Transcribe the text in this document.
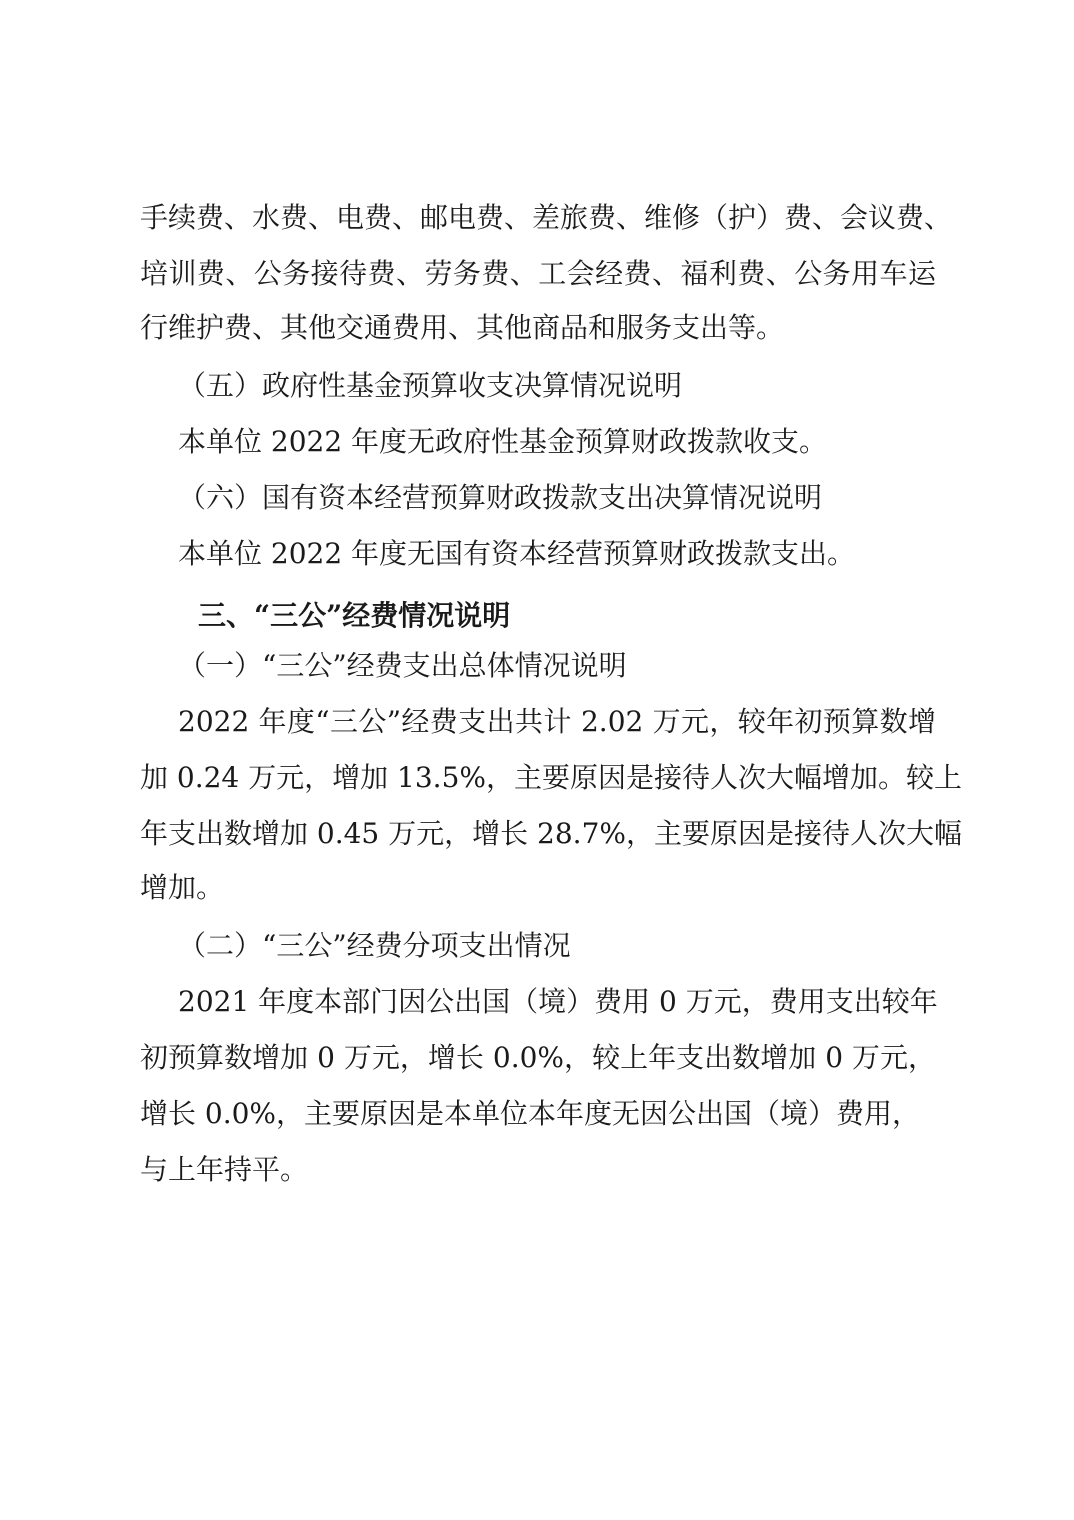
手续费、水费、电费、邮电费、差旅费、维修（护）费、会议费、
培训费、公务接待费、劳务费、工会经费、福利费、公务用车运
行维护费、其他交通费用、其他商品和服务支出等。
（五）政府性基金预算收支决算情况说明
本单位 2022 年度无政府性基金预算财政拨款收支。
（六）国有资本经营预算财政拨款支出决算情况说明
本单位 2022 年度无国有资本经营预算财政拨款支出。
三、“三公”经费情况说明
（一）“三公”经费支出总体情况说明
2022 年度“三公”经费支出共计 2.02 万元，较年初预算数增
加 0.24 万元，增加 13.5%，主要原因是接待人次大幅增加。较上
年支出数增加 0.45 万元，增长 28.7%，主要原因是接待人次大幅
增加。
（二）“三公”经费分项支出情况
2021 年度本部门因公出国（境）费用 0 万元，费用支出较年
初预算数增加 0 万元，增长 0.0%，较上年支出数增加 0 万元，
增长 0.0%，主要原因是本单位本年度无因公出国（境）费用，
与上年持平。
